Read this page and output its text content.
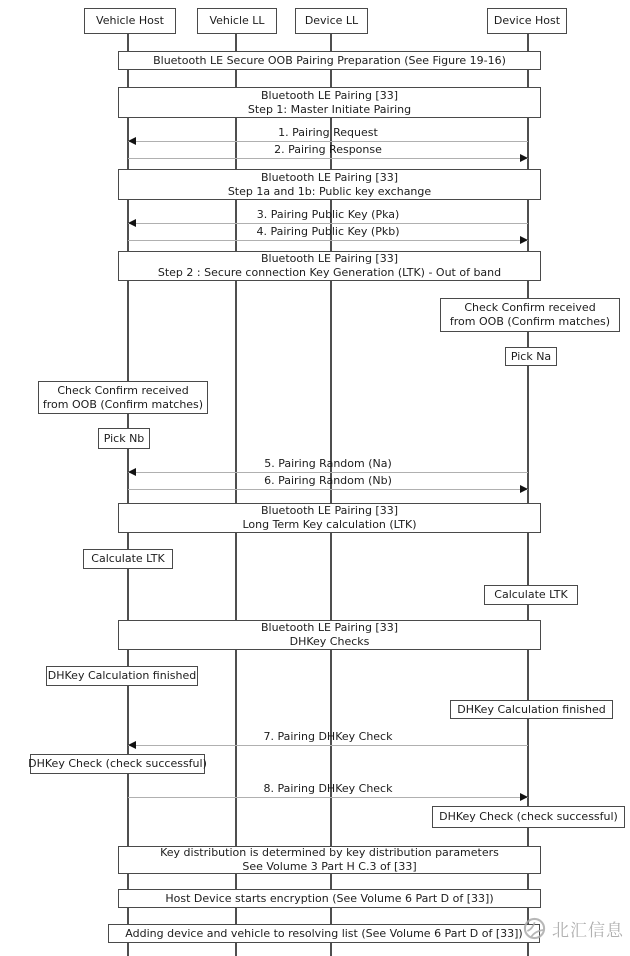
1. Pairing Request
2. Pairing Response
3. Pairing Public Key (Pka)
4. Pairing Public Key (Pkb)
5. Pairing Random (Na)
6. Pairing Random (Nb)
7. Pairing DHKey Check
8. Pairing DHKey Check
Vehicle Host	Vehicle LL	Device LL	Device Host
Bluetooth LE Secure OOB Pairing Preparation (See Figure 19-16)
Bluetooth LE Pairing [33]
Step 1: Master Initiate Pairing
Bluetooth LE Pairing [33]
Step 1a and 1b: Public key exchange
Bluetooth LE Pairing [33]
Step 2 : Secure connection Key Generation (LTK) - Out of band
Bluetooth LE Pairing [33]
Long Term Key calculation (LTK)
Bluetooth LE Pairing [33]
DHKey Checks
Key distribution is determined by key distribution parameters
See Volume 3 Part H C.3 of [33]
Host Device starts encryption (See Volume 6 Part D of [33])
Adding device and vehicle to resolving list (See Volume 6 Part D of [33])
Check Confirm received
from OOB (Confirm matches)
Pick Na
Check Confirm received
from OOB (Confirm matches)
Pick Nb
Calculate LTK
Calculate LTK
DHKey Calculation finished
DHKey Calculation finished
DHKey Check (check successful)
DHKey Check (check successful)
北汇信息
